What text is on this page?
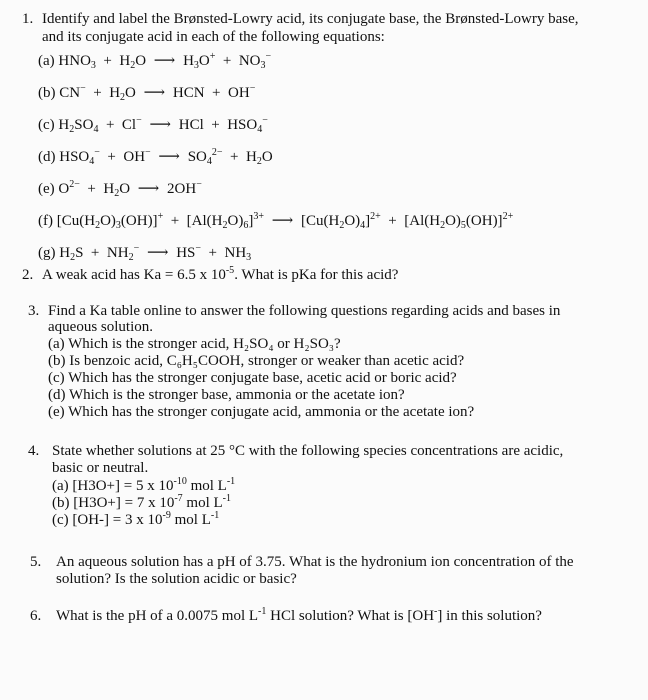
1. Identify and label the Brønsted-Lowry acid, its conjugate base, the Brønsted-Lowry base,
and its conjugate acid in each of the following equations:
(a) $HNO_3 + H_2O$ ⟶ $H_3O^+ + NO_3^-$
(b) $CN^- + H_2O$ ⟶ HCN  +  OH−
(c) $H_2SO_4 + Cl^-$ ⟶ HCl  +  $HSO_4^-$
(d) $HSO_4^- + OH^-$ ⟶ $SO_4^{2-} + H_2O$
(e) $O^{2-} + H_2O$ ⟶ 2OH−
(f) $[Cu(H_2O)_3(OH)]^+ + [Al(H_2O)_6]^{3+}$ ⟶ $[Cu(H_2O)_4]^{2+} + [Al(H_2O)_5(OH)]^{2+}$
(g) $H_2S + NH_2^-$ ⟶ $HS^- + NH_3$
2. A weak acid has Ka = 6.5 x $10^{-5}$. What is pKa for this acid?
3. Find a Ka table online to answer the following questions regarding acids and bases in
aqueous solution.
(a) Which is the stronger acid, H₂SO₄ or H₂SO₃?
(b) Is benzoic acid, C₆H₅COOH, stronger or weaker than acetic acid?
(c) Which has the stronger conjugate base, acetic acid or boric acid?
(d) Which is the stronger base, ammonia or the acetate ion?
(e) Which has the stronger conjugate acid, ammonia or the acetate ion?
4. State whether solutions at 25 °C with the following species concentrations are acidic,
basic or neutral.
(a) [H3O+] = 5 x $10^{-10}$ mol $L^{-1}$
(b) [H3O+] = 7 x $10^{-7}$ mol $L^{-1}$
(c) [OH-] = 3 x $10^{-9}$ mol $L^{-1}$
5. An aqueous solution has a pH of 3.75. What is the hydronium ion concentration of the
solution? Is the solution acidic or basic?
6. What is the pH of a 0.0075 mol $L^{-1}$ HCl solution? What is [OH-] in this solution?
